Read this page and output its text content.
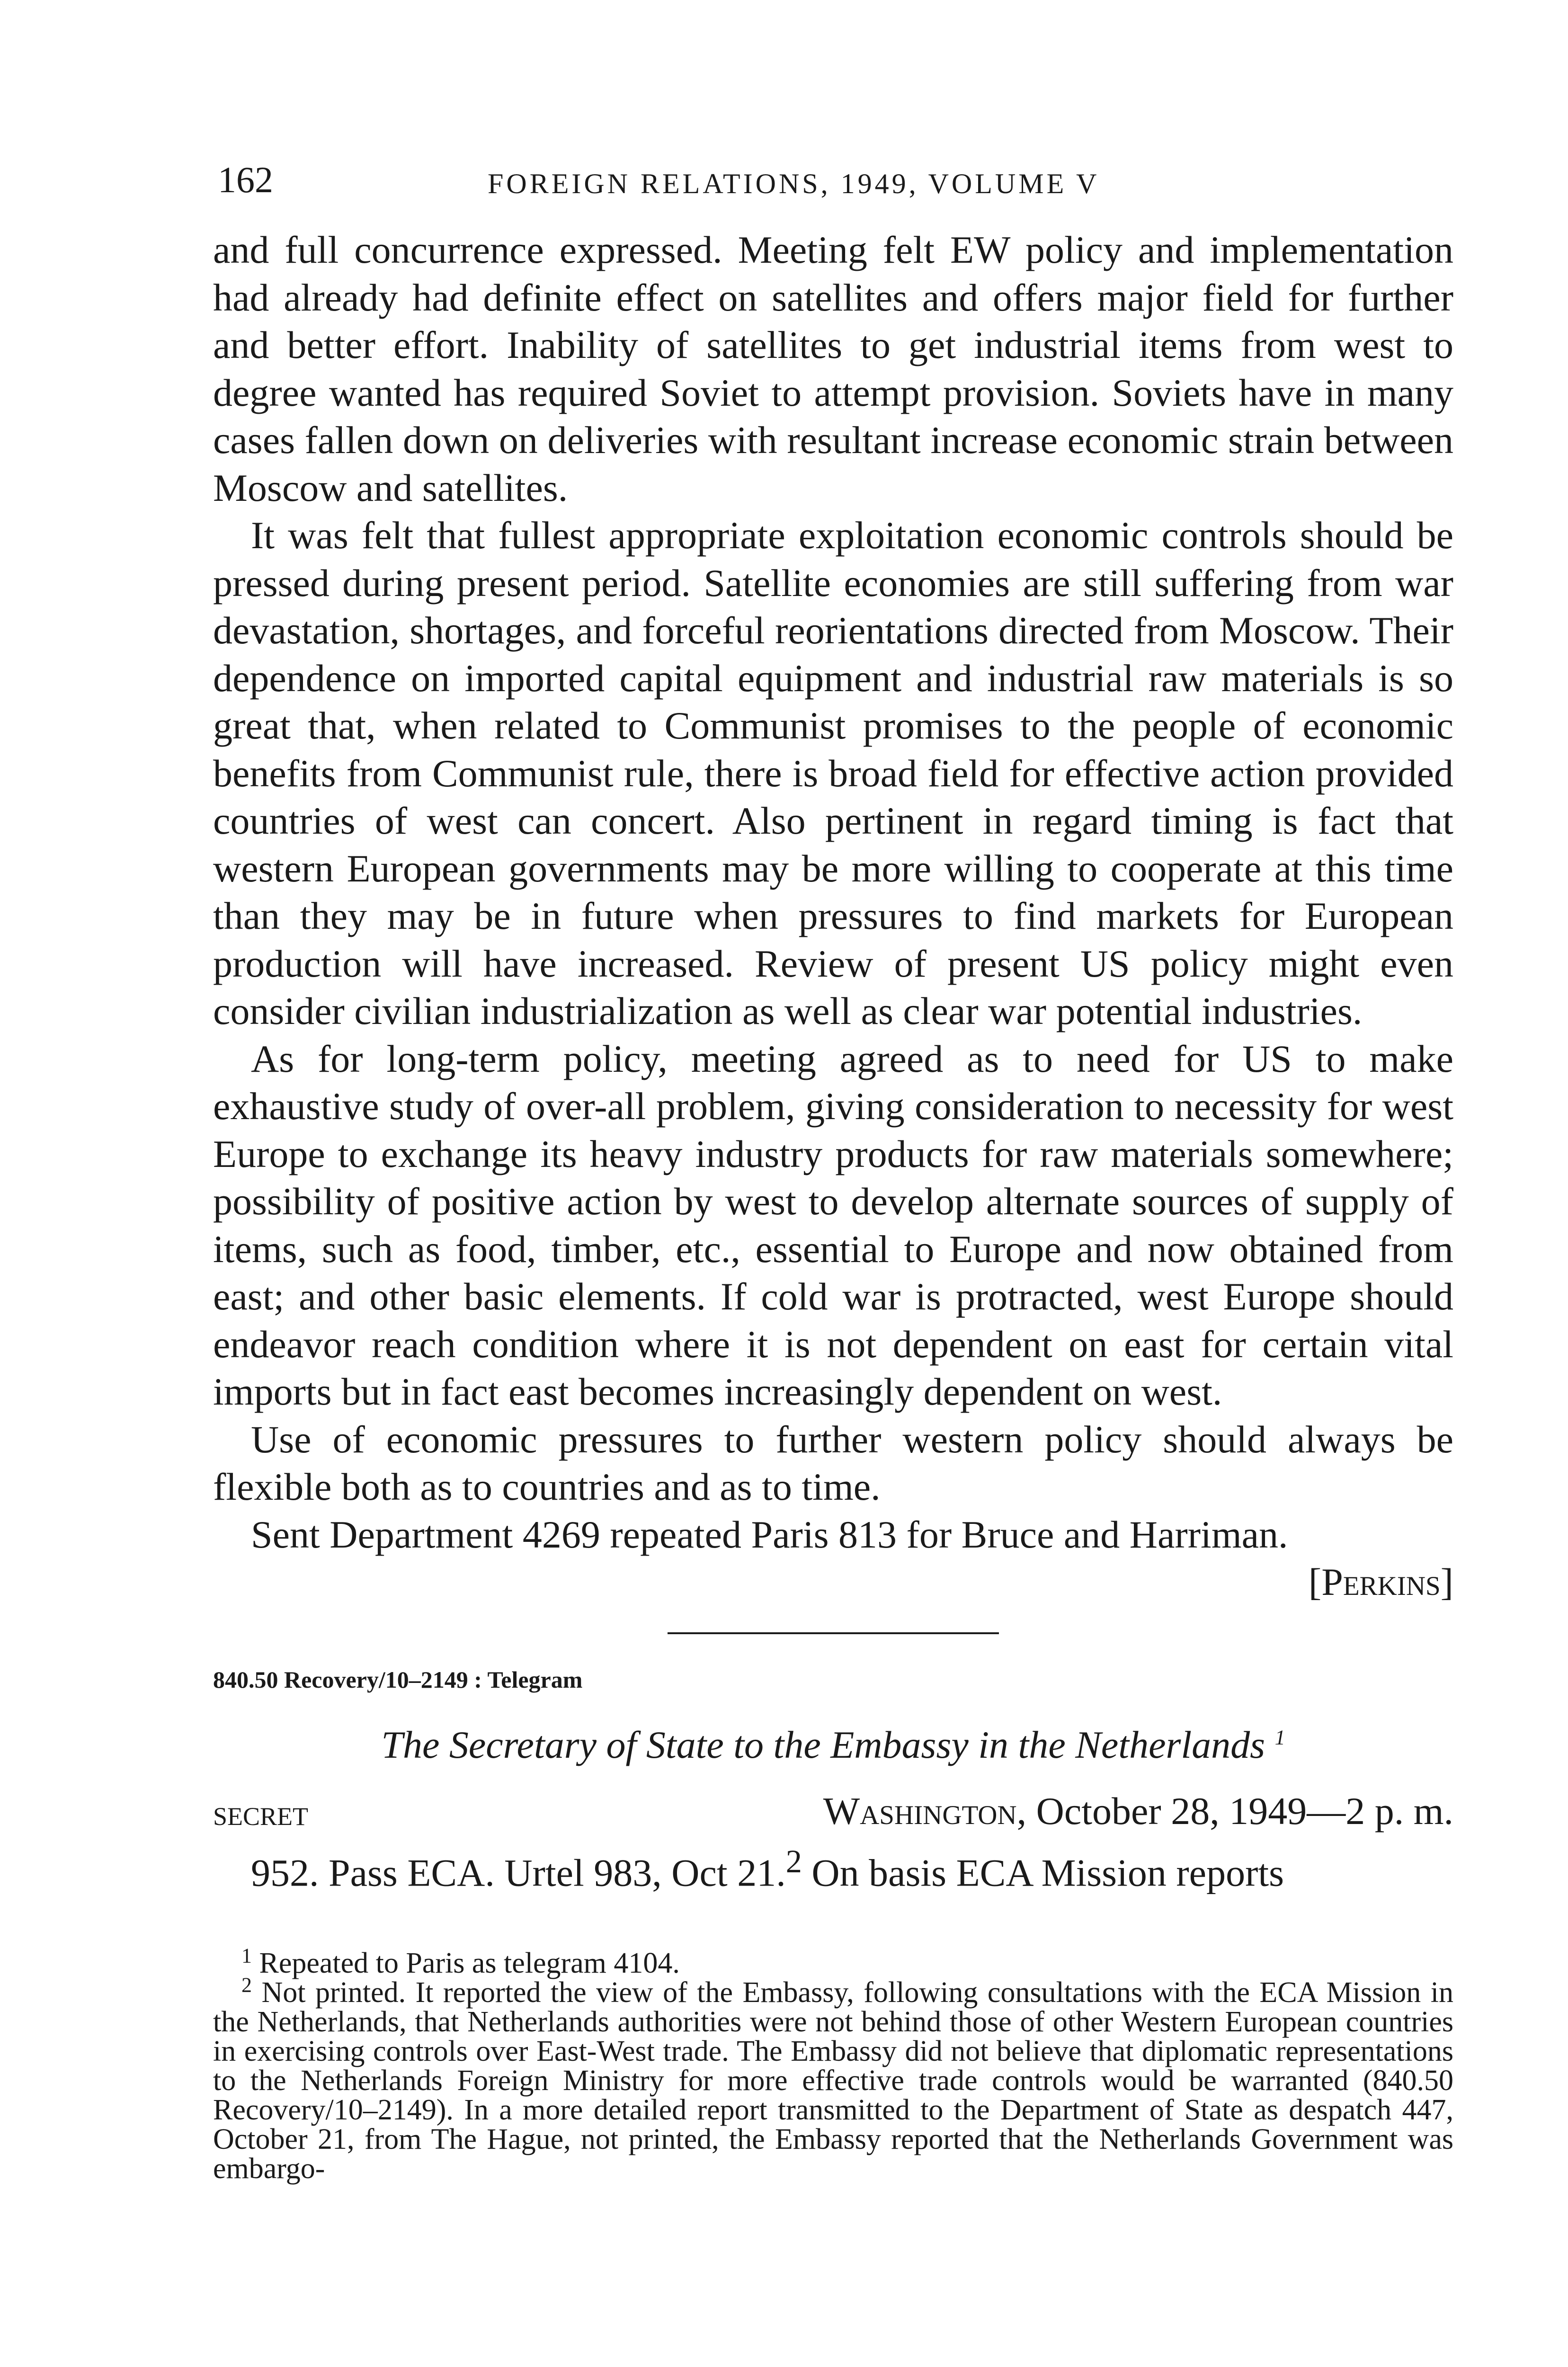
162	FOREIGN RELATIONS, 1949, VOLUME V

and full concurrence expressed. Meeting felt EW policy and implementation had already had definite effect on satellites and offers major field for further and better effort. Inability of satellites to get industrial items from west to degree wanted has required Soviet to attempt provision. Soviets have in many cases fallen down on deliveries with resultant increase economic strain between Moscow and satellites.

It was felt that fullest appropriate exploitation economic controls should be pressed during present period. Satellite economies are still suffering from war devastation, shortages, and forceful reorientations directed from Moscow. Their dependence on imported capital equipment and industrial raw materials is so great that, when related to Communist promises to the people of economic benefits from Communist rule, there is broad field for effective action provided countries of west can concert. Also pertinent in regard timing is fact that western European governments may be more willing to cooperate at this time than they may be in future when pressures to find markets for European production will have increased. Review of present US policy might even consider civilian industrialization as well as clear war potential industries.

As for long-term policy, meeting agreed as to need for US to make exhaustive study of over-all problem, giving consideration to necessity for west Europe to exchange its heavy industry products for raw materials somewhere; possibility of positive action by west to develop alternate sources of supply of items, such as food, timber, etc., essential to Europe and now obtained from east; and other basic elements. If cold war is protracted, west Europe should endeavor reach condition where it is not dependent on east for certain vital imports but in fact east becomes increasingly dependent on west.

Use of economic pressures to further western policy should always be flexible both as to countries and as to time.

Sent Department 4269 repeated Paris 813 for Bruce and Harriman.

[Perkins]
840.50 Recovery/10–2149 : Telegram
The Secretary of State to the Embassy in the Netherlands $^1$
SECRET	Washington, October 28, 1949—2 p. m.
952. Pass ECA. Urtel 983, Oct 21.$^2$ On basis ECA Mission reports

$^1$ Repeated to Paris as telegram 4104.

$^2$ Not printed. It reported the view of the Embassy, following consultations with the ECA Mission in the Netherlands, that Netherlands authorities were not behind those of other Western European countries in exercising controls over East-West trade. The Embassy did not believe that diplomatic representations to the Netherlands Foreign Ministry for more effective trade controls would be warranted (840.50 Recovery/10–2149). In a more detailed report transmitted to the Department of State as despatch 447, October 21, from The Hague, not printed, the Embassy reported that the Netherlands Government was embargo-
